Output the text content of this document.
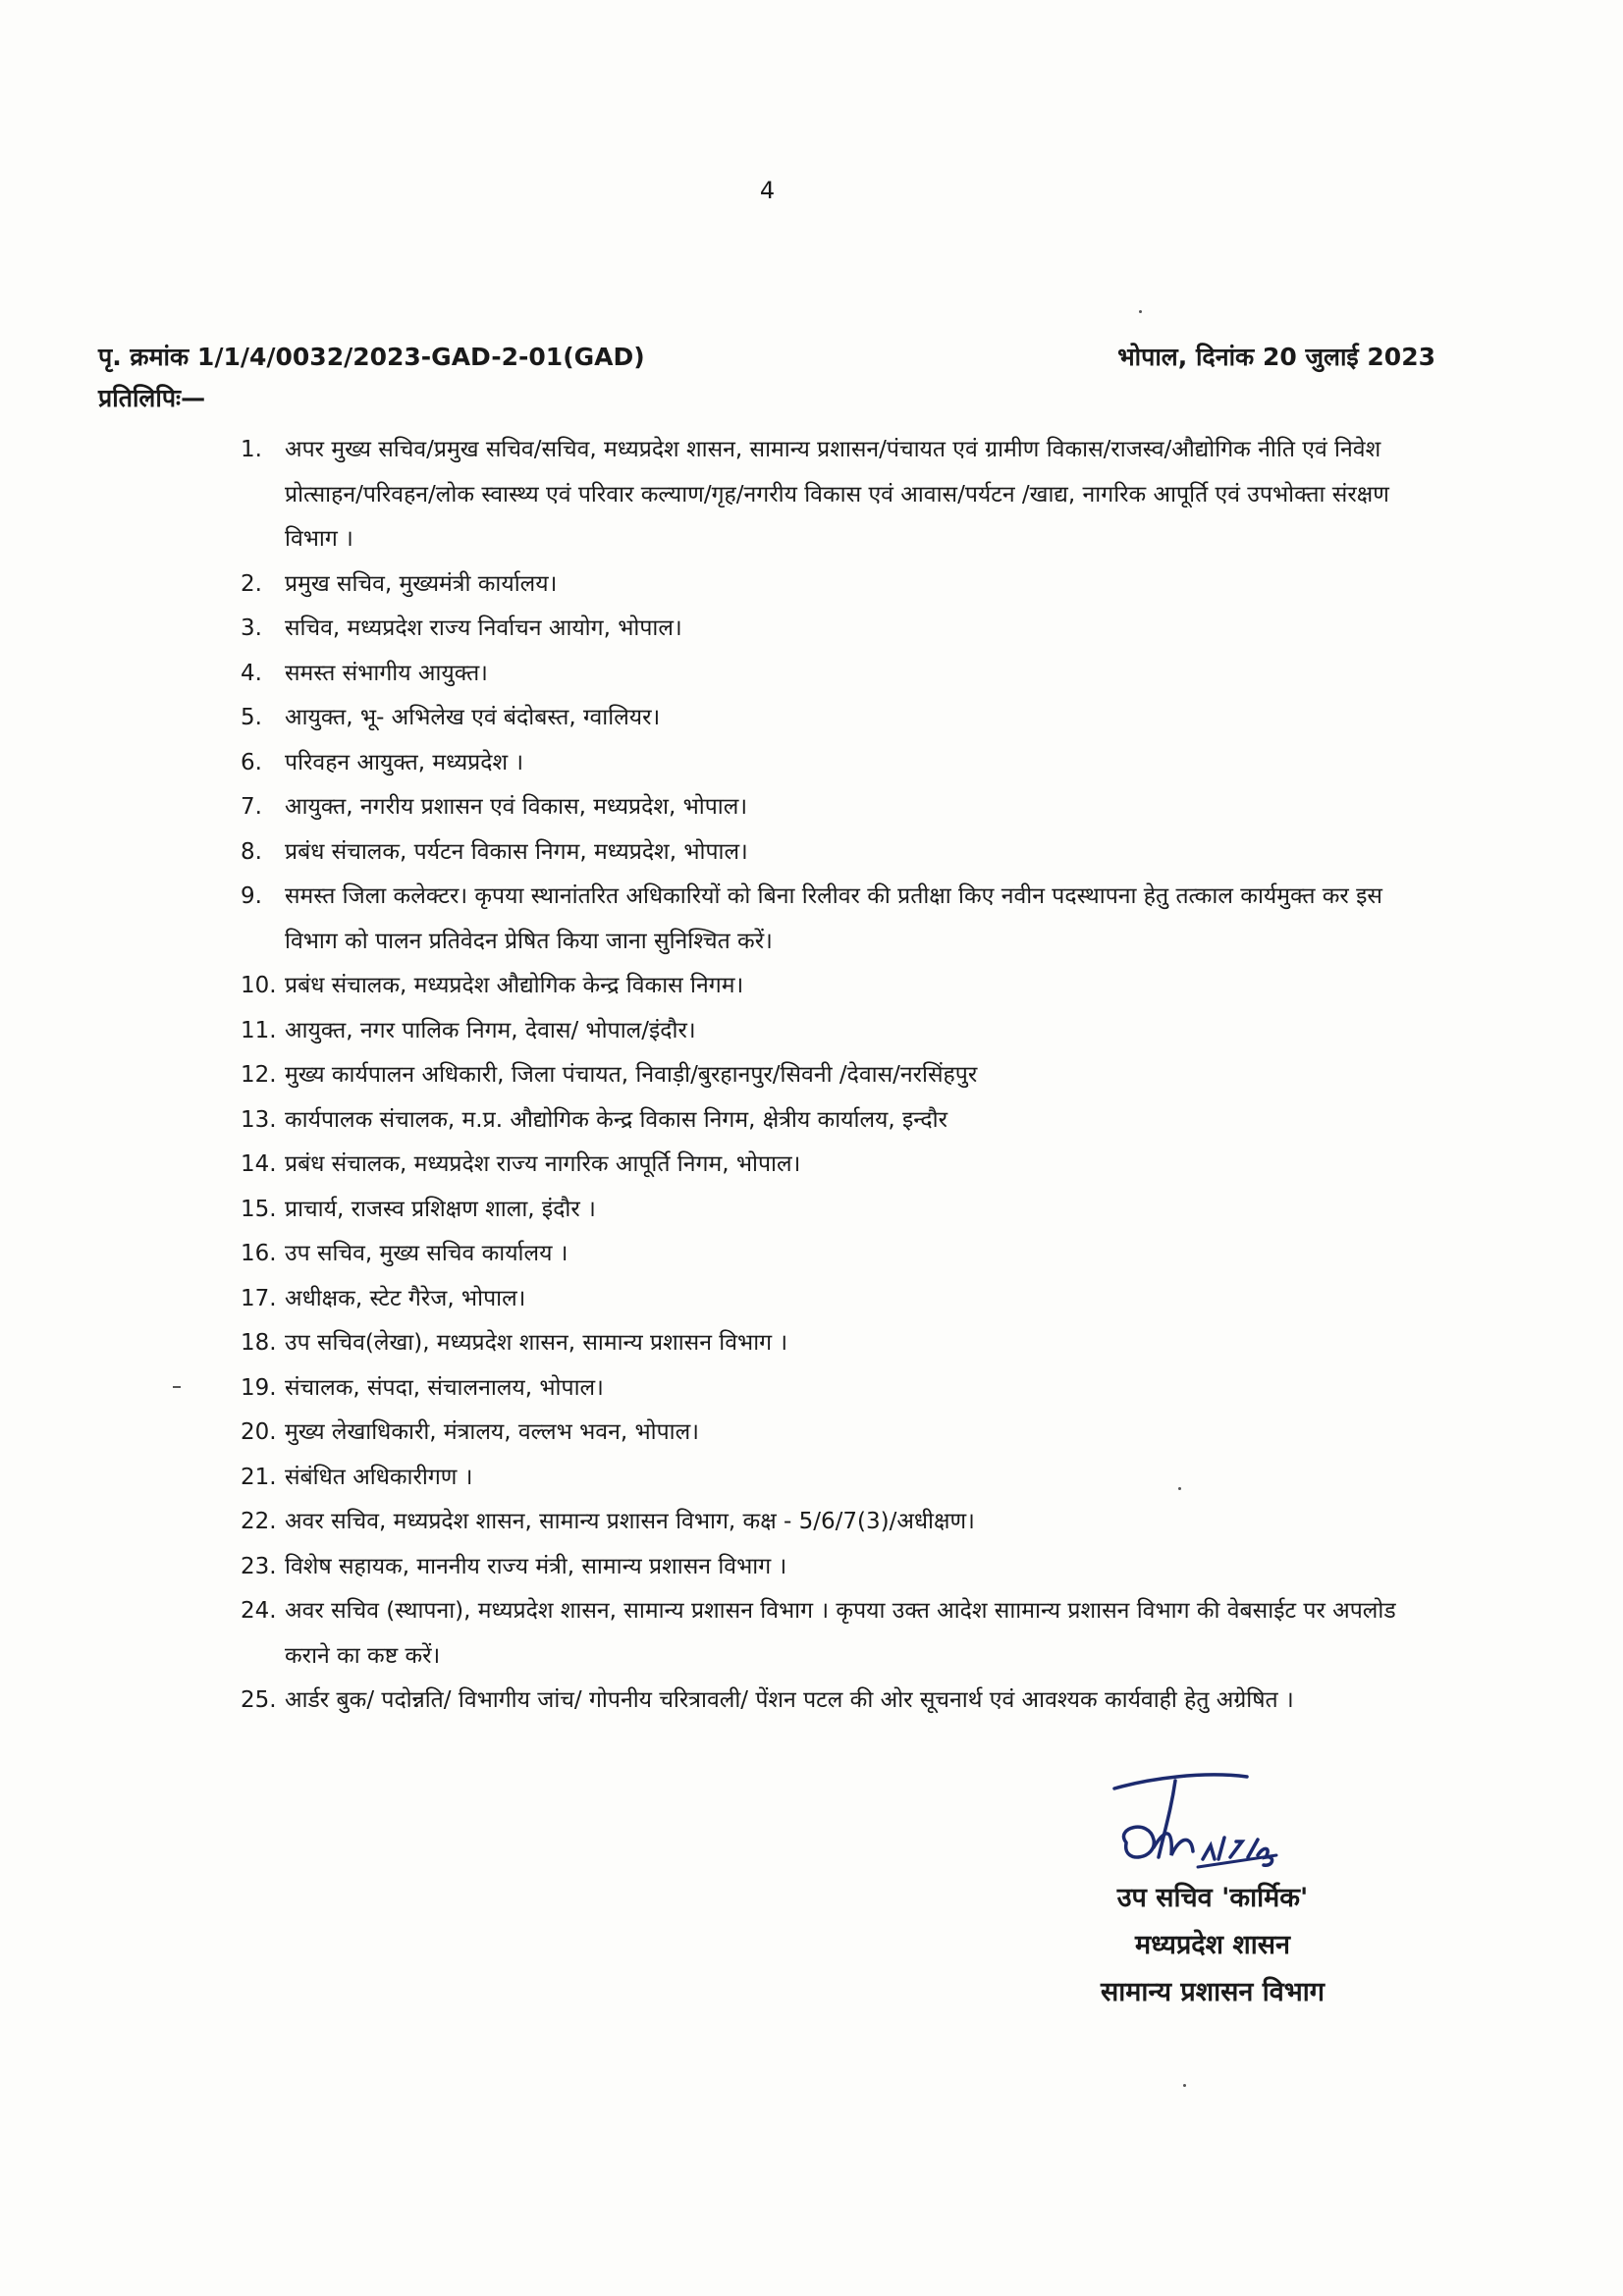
4
पृ. क्रमांक 1/1/4/0032/2023-GAD-2-01(GAD)	भोपाल, दिनांक 20 जुलाई 2023
प्रतिलिपिः—
1.	अपर मुख्य सचिव/प्रमुख सचिव/सचिव, मध्यप्रदेश शासन, सामान्य प्रशासन/पंचायत एवं ग्रामीण विकास/राजस्व/औद्योगिक नीति एवं निवेश प्रोत्साहन/परिवहन/लोक स्वास्थ्य एवं परिवार कल्याण/गृह/नगरीय विकास एवं आवास/पर्यटन /खाद्य, नागरिक आपूर्ति एवं उपभोक्ता संरक्षण विभाग ।
2.	प्रमुख सचिव, मुख्यमंत्री कार्यालय।
3.	सचिव, मध्यप्रदेश राज्य निर्वाचन आयोग, भोपाल।
4.	समस्त संभागीय आयुक्त।
5.	आयुक्त, भू- अभिलेख एवं बंदोबस्त, ग्वालियर।
6.	परिवहन आयुक्त, मध्यप्रदेश ।
7.	आयुक्त, नगरीय प्रशासन एवं विकास, मध्यप्रदेश, भोपाल।
8.	प्रबंध संचालक, पर्यटन विकास निगम, मध्यप्रदेश, भोपाल।
9.	समस्त जिला कलेक्टर। कृपया स्थानांतरित अधिकारियों को बिना रिलीवर की प्रतीक्षा किए नवीन पदस्थापना हेतु तत्काल कार्यमुक्त कर इस विभाग को पालन प्रतिवेदन प्रेषित किया जाना सुनिश्चित करें।
10. प्रबंध संचालक, मध्यप्रदेश औद्योगिक केन्द्र विकास निगम।
11. आयुक्त, नगर पालिक निगम, देवास/ भोपाल/इंदौर।
12. मुख्य कार्यपालन अधिकारी, जिला पंचायत, निवाड़ी/बुरहानपुर/सिवनी /देवास/नरसिंहपुर
13. कार्यपालक संचालक, म.प्र. औद्योगिक केन्द्र विकास निगम, क्षेत्रीय कार्यालय, इन्दौर
14. प्रबंध संचालक, मध्यप्रदेश राज्य नागरिक आपूर्ति निगम, भोपाल।
15. प्राचार्य, राजस्व प्रशिक्षण शाला, इंदौर ।
16. उप सचिव, मुख्य सचिव कार्यालय ।
17. अधीक्षक, स्टेट गैरेज, भोपाल।
18. उप सचिव(लेखा), मध्यप्रदेश शासन, सामान्य प्रशासन विभाग ।
19. संचालक, संपदा, संचालनालय, भोपाल।
20. मुख्य लेखाधिकारी, मंत्रालय, वल्लभ भवन, भोपाल।
21. संबंधित अधिकारीगण ।
22. अवर सचिव, मध्यप्रदेश शासन, सामान्य प्रशासन विभाग, कक्ष - 5/6/7(3)/अधीक्षण।
23. विशेष सहायक, माननीय राज्य मंत्री, सामान्य प्रशासन विभाग ।
24. अवर सचिव (स्थापना), मध्यप्रदेश शासन, सामान्य प्रशासन विभाग । कृपया उक्त आदेश साामान्य प्रशासन विभाग की वेबसाईट पर अपलोड कराने का कष्ट करें।
25. आर्डर बुक/ पदोन्नति/ विभागीय जांच/ गोपनीय चरित्रावली/ पेंशन पटल की ओर सूचनार्थ एवं आवश्यक कार्यवाही हेतु अग्रेषित ।
उप सचिव 'कार्मिक'
मध्यप्रदेश शासन
सामान्य प्रशासन विभाग
